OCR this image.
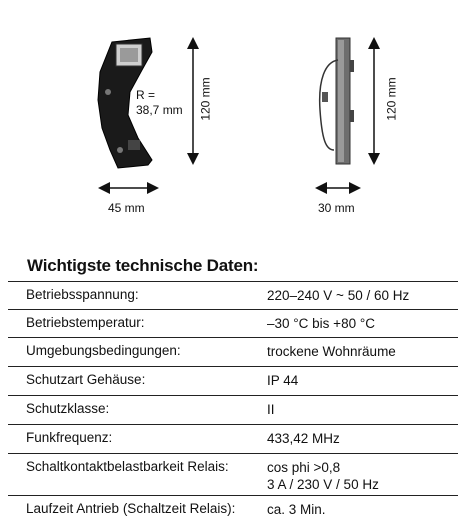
R =
38,7 mm 120 mm
45 mm
120 mm
30 mm
Wichtigste technische Daten:
Betriebsspannung:	220–240 V ~ 50 / 60 Hz
Betriebstemperatur:	–30 °C bis +80 °C
Umgebungsbedingungen:	trockene Wohnräume
Schutzart Gehäuse:	IP 44
Schutzklasse:	II
Funkfrequenz:	433,42 MHz
Schaltkontaktbelastbarkeit Relais:	cos phi >0,8
3 A / 230 V / 50 Hz
Laufzeit Antrieb (Schaltzeit Relais): ca. 3 Min.
